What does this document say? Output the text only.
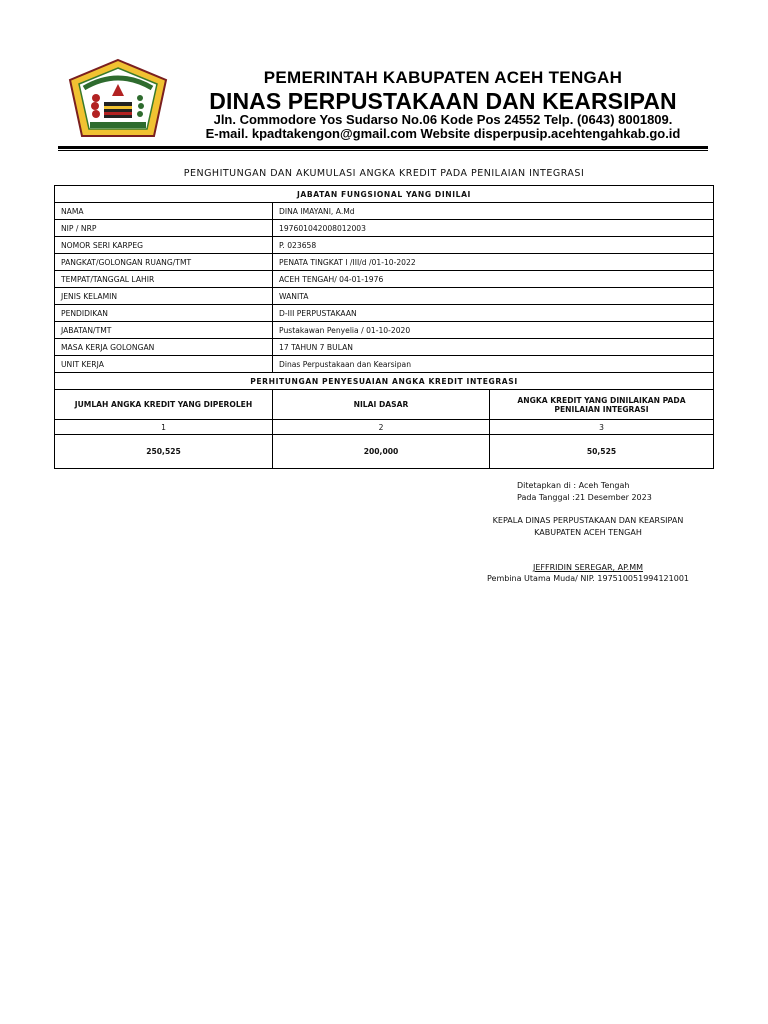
PEMERINTAH KABUPATEN ACEH TENGAH
DINAS PERPUSTAKAAN DAN KEARSIPAN
Jln. Commodore Yos Sudarso No.06 Kode Pos 24552 Telp. (0643) 8001809.
E-mail. kpadtakengon@gmail.com Website disperpusip.acehtengahkab.go.id
PENGHITUNGAN DAN AKUMULASI ANGKA KREDIT PADA PENILAIAN INTEGRASI
JABATAN FUNGSIONAL YANG DINILAI
NAMA	DINA IMAYANI, A.Md
NIP / NRP	197601042008012003
NOMOR SERI KARPEG	P. 023658
PANGKAT/GOLONGAN RUANG/TMT	PENATA TINGKAT I /III/d /01-10-2022
TEMPAT/TANGGAL LAHIR	ACEH TENGAH/ 04-01-1976
JENIS KELAMIN	WANITA
PENDIDIKAN	D-III PERPUSTAKAAN
JABATAN/TMT	Pustakawan Penyelia / 01-10-2020
MASA KERJA GOLONGAN	17 TAHUN 7 BULAN
UNIT KERJA	Dinas Perpustakaan dan Kearsipan
PERHITUNGAN PENYESUAIAN ANGKA KREDIT INTEGRASI
JUMLAH ANGKA KREDIT YANG DIPEROLEH	NILAI DASAR	ANGKA KREDIT YANG DINILAIKAN PADA PENILAIAN INTEGRASI
1	2	3
250,525	200,000	50,525
Ditetapkan di : Aceh Tengah
Pada Tanggal :21 Desember 2023
KEPALA DINAS PERPUSTAKAAN DAN KEARSIPAN
KABUPATEN ACEH TENGAH
JEFFRIDIN SEREGAR, AP.MM
Pembina Utama Muda/ NIP. 197510051994121001
